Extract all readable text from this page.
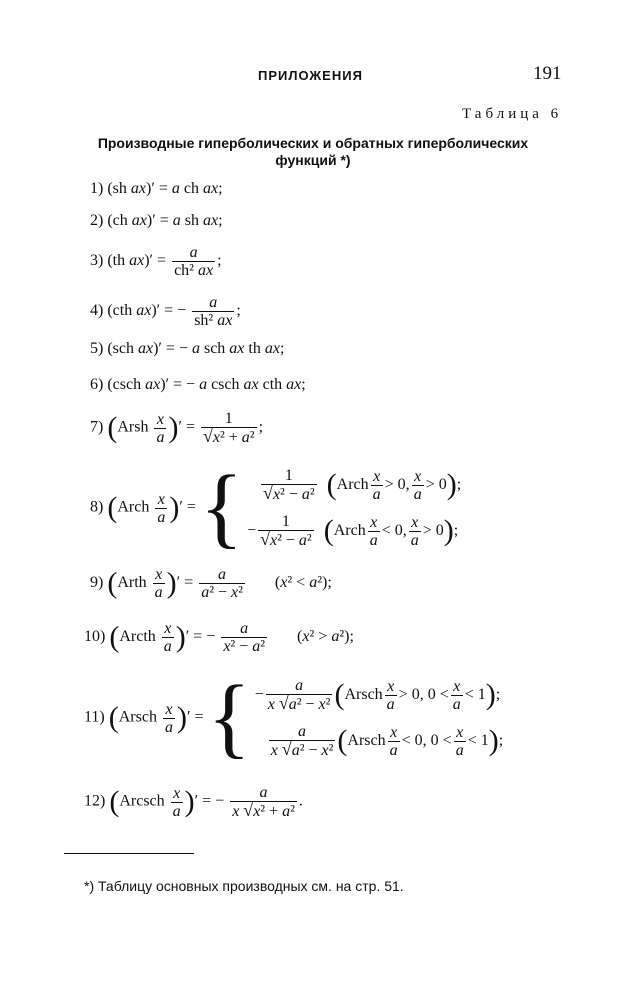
ПРИЛОЖЕНИЯ	191
Таблица 6
Производные гиперболических и обратных гиперболических
функций *)
1) (sh ax)′ = a ch ax;
2) (ch ax)′ = a sh ax;
3) (th $ax)' = \frac{a}{\text{ch² ax}}$ ;
4) (cth ax)′ = − $\frac{a}{\text{sh² ax}}$ ;
5) (sch ax)′ = − a sch ax th ax;
6) (csch ax)′ = − a csch ax cth ax;
7) (Arsh $\frac{x}{a}$ )′ = $\frac{1}{\text{√x² + a²}}$ ;
8) (Arch $\frac{x}{a}$ )′ = {
$\frac{1}{\text{√x² − a²}}$
( Arch $\frac{x}{a} > 0$, $\frac{x}{a} > 0$ ) ;
− $\frac{1}{\text{√x² − a²}}$
( Arch $\frac{x}{a} < 0$, $\frac{x}{a} > 0$ ) ;
9) (Arth $\frac{x}{a}$ )′ = $\frac{a}{\text{a² − x²}} (x^2 < a^2)$;
10) (Arcth $\frac{x}{a}$ )′ = − $\frac{a}{\text{x² − a²}} (x^2 > a^2)$;
11) (Arsch $\frac{x}{a}$ )′ = { − $\frac{a}{\text{x √a² − x²}}$ ( Arsch $\frac{x}{a} > 0$, $0 < \frac{x}{a} < 1$ ) ;

$\frac{a}{\text{x √a² − x²}}$ ( Arsch $\frac{x}{a} < 0$, $0 < \frac{x}{a} < 1$ ) ;
12) ($Arcsch \frac{x}{a}$ )′ = − $\frac{a}{\text{x √x² + a²}}$ .
*) Таблицу основных производных см. на стр. 51.
